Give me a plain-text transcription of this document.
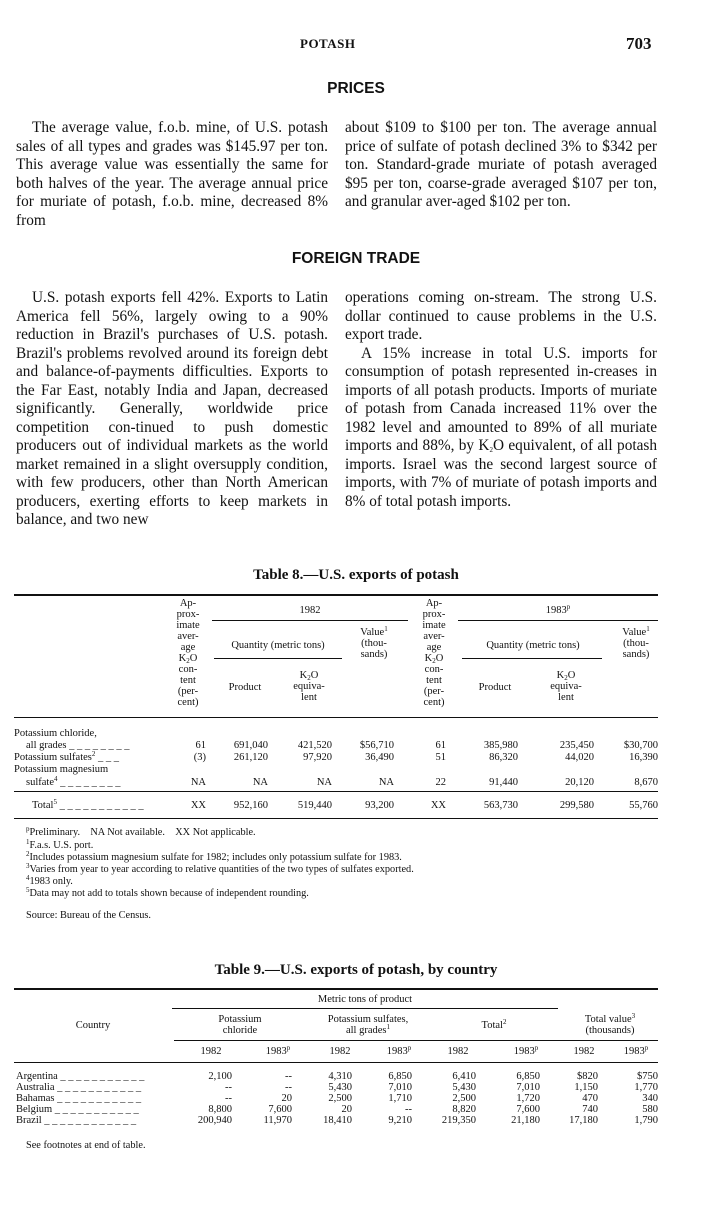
POTASH	703
PRICES

The average value, f.o.b. mine, of U.S. potash sales of all types and grades was $145.97 per ton. This average value was essentially the same for both halves of the year. The average annual price for muriate of potash, f.o.b. mine, decreased 8% from

about $109 to $100 per ton. The average annual price of sulfate of potash declined 3% to $342 per ton. Standard-grade muriate of potash averaged $95 per ton, coarse-grade averaged $107 per ton, and granular aver-aged $102 per ton.

FOREIGN TRADE

U.S. potash exports fell 42%. Exports to Latin America fell 56%, largely owing to a 90% reduction in Brazil's purchases of U.S. potash. Brazil's problems revolved around its foreign debt and balance-of-payments difficulties. Exports to the Far East, notably India and Japan, decreased significantly. Generally, worldwide price competition con-tinued to push domestic producers out of individual markets as the world market remained in a slight oversupply condition, with few producers, other than North American producers, exerting efforts to keep markets in balance, and two new

operations coming on-stream. The strong U.S. dollar continued to cause problems in the U.S. export trade.

A 15% increase in total U.S. imports for consumption of potash represented in-creases in imports of all potash products. Imports of muriate of potash from Canada increased 11% over the 1982 level and amounted to 89% of all muriate imports and 88%, by $K_2O$ equivalent, of all potash imports. Israel was the second largest source of imports, with 7% of muriate of potash imports and 8% of total potash imports.

Table 8.—U.S. exports of potash
Ap-
prox-
imate
aver-
age
$K_2O$
con-
tent
(per-
cent)
Ap-
prox-
imate
aver-
age
$K_2O$
con-
tent
(per-
cent)
1982	1983$^p$
Quantity (metric tons)	Quantity (metric tons)
Value$^1$
(thou-
sands)
Value$^1$
(thou-
sands)
Product
$K_2O$
equiva-
lent
Product
$K_2O$
equiva-
lent
Potassium chloride,
all grades _ _ _ _ _ _ _ _	61	691,040	421,520	$56,710	61	385,980	235,450	$30,700
Potassium sulfates$^2$ _ _ _	(3)	261,120	97,920	36,490	51	86,320	44,020	16,390
Potassium magnesium
sulfate$^4$ _ _ _ _ _ _ _ _	NA	NA	NA	NA	22	91,440	20,120	8,670
Total$^5$ _ _ _ _ _ _ _ _ _ _ _	XX	952,160	519,440	93,200	XX	563,730	299,580	55,760
$^p$Preliminary.    NA Not available.    XX Not applicable.
$^1$F.a.s. U.S. port.
$^2$Includes potassium magnesium sulfate for 1982; includes only potassium sulfate for 1983.
$^3$Varies from year to year according to relative quantities of the two types of sulfates exported.
$^4$1983 only.
$^5$Data may not add to totals shown because of independent rounding.
Source: Bureau of the Census.
Table 9.—U.S. exports of potash, by country
Metric tons of product
Country
Potassium
chloride
Potassium sulfates,
all grades$^1$	Total$^2$	Total value$^3$
(thousands)
1982	1983$^p$	1982	1983$^p$	1982	1983$^p$	1982	1983$^p$
Argentina _ _ _ _ _ _ _ _ _ _ _	2,100	--	4,310	6,850	6,410	6,850	$820	$750
Australia _ _ _ _ _ _ _ _ _ _ _	--	--	5,430	7,010	5,430	7,010	1,150	1,770
Bahamas _ _ _ _ _ _ _ _ _ _ _	--	20	2,500	1,710	2,500	1,720	470	340
Belgium _ _ _ _ _ _ _ _ _ _ _	8,800	7,600	20	--	8,820	7,600	740	580
Brazil _ _ _ _ _ _ _ _ _ _ _ _	200,940	11,970	18,410	9,210	219,350	21,180	17,180	1,790
See footnotes at end of table.
